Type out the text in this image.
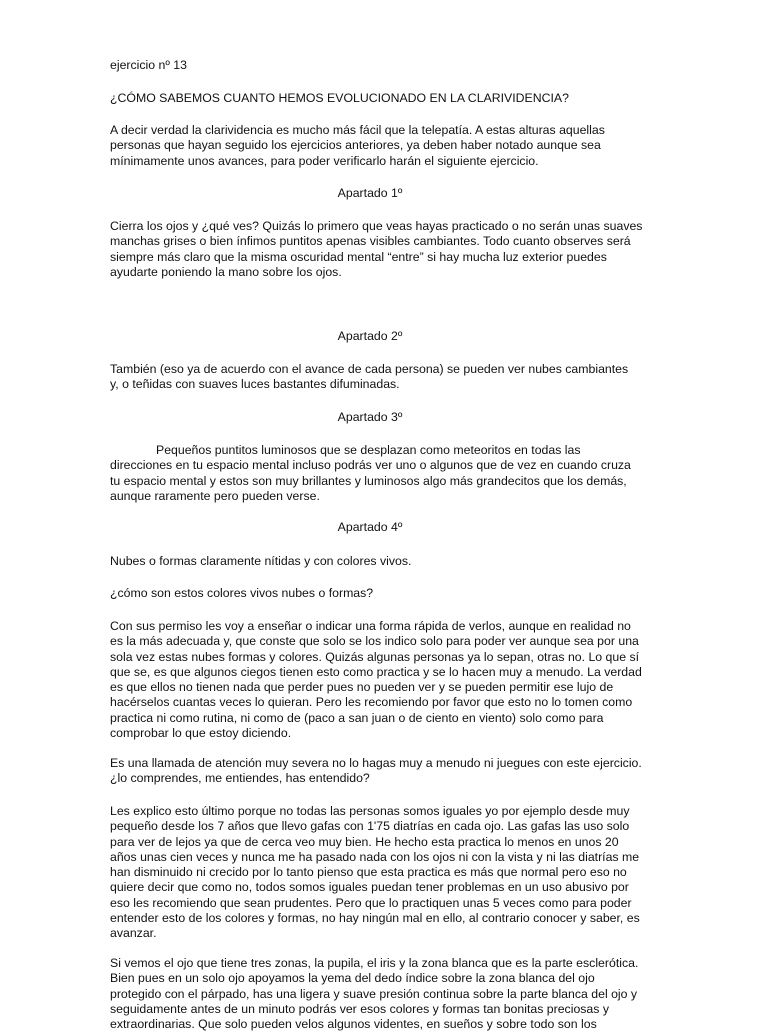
ejercicio nº 13

¿CÓMO SABEMOS CUANTO HEMOS EVOLUCIONADO EN LA CLARIVIDENCIA?

A decir verdad la clarividencia es mucho más fácil que la telepatía. A estas alturas aquellas
personas que hayan seguido los ejercicios anteriores, ya deben haber notado aunque sea
mínimamente unos avances, para poder verificarlo harán el siguiente ejercicio.

Apartado 1º

Cierra los ojos y ¿qué ves? Quizás lo primero que veas hayas practicado o no serán unas suaves
manchas grises o bien ínfimos puntitos apenas visibles cambiantes. Todo cuanto observes será
siempre más claro que la misma oscuridad mental “entre” si hay mucha luz exterior puedes
ayudarte poniendo la mano sobre los ojos.

Apartado 2º

También (eso ya de acuerdo con el avance de cada persona) se pueden ver nubes cambiantes
y, o teñidas con suaves luces bastantes difuminadas.

Apartado 3º

Pequeños puntitos luminosos que se desplazan como meteoritos en todas las
direcciones en tu espacio mental incluso podrás ver uno o algunos que de vez en cuando cruza
tu espacio mental y estos son muy brillantes y luminosos algo más grandecitos que los demás,
aunque raramente pero pueden verse.

Apartado 4º

Nubes o formas claramente nítidas y con colores vivos.

¿cómo son estos colores vivos nubes o formas?

Con sus permiso les voy a enseñar o indicar una forma rápida de verlos, aunque en realidad no
es la más adecuada y, que conste que solo se los indico solo para poder ver aunque sea por una
sola vez estas nubes formas y colores. Quizás algunas personas ya lo sepan, otras no. Lo que sí
que se, es que algunos ciegos tienen esto como practica y se lo hacen muy a menudo. La verdad
es que ellos no tienen nada que perder pues no pueden ver y se pueden permitir ese lujo de
hacérselos cuantas veces lo quieran. Pero les recomiendo por favor que esto no lo tomen como
practica ni como rutina, ni como de (paco a san juan o de ciento en viento) solo como para
comprobar lo que estoy diciendo.
Es una llamada de atención muy severa no lo hagas muy a menudo ni juegues con este ejercicio.
¿lo comprendes, me entiendes, has entendido?
Les explico esto último porque no todas las personas somos iguales yo por ejemplo desde muy
pequeño desde los 7 años que llevo gafas con 1'75 diatrías en cada ojo. Las gafas las uso solo
para ver de lejos ya que de cerca veo muy bien. He hecho esta practica lo menos en unos 20
años unas cien veces y nunca me ha pasado nada con los ojos ni con la vista y ni las diatrías me
han disminuido ni crecido por lo tanto pienso que esta practica es más que normal pero eso no
quiere decir que como no, todos somos iguales puedan tener problemas en un uso abusivo por
eso les recomiendo que sean prudentes. Pero que lo practiquen unas 5 veces como para poder
entender esto de los colores y formas, no hay ningún mal en ello, al contrario conocer y saber, es
avanzar.
Si vemos el ojo que tiene tres zonas, la pupila, el iris y la zona blanca que es la parte esclerótica.
Bien pues en un solo ojo apoyamos la yema del dedo índice sobre la zona blanca del ojo
protegido con el párpado, has una ligera y suave presión continua sobre la parte blanca del ojo y
seguidamente antes de un minuto podrás ver esos colores y formas tan bonitas preciosas y
extraordinarias. Que solo pueden velos algunos videntes, en sueños y sobre todo son los
